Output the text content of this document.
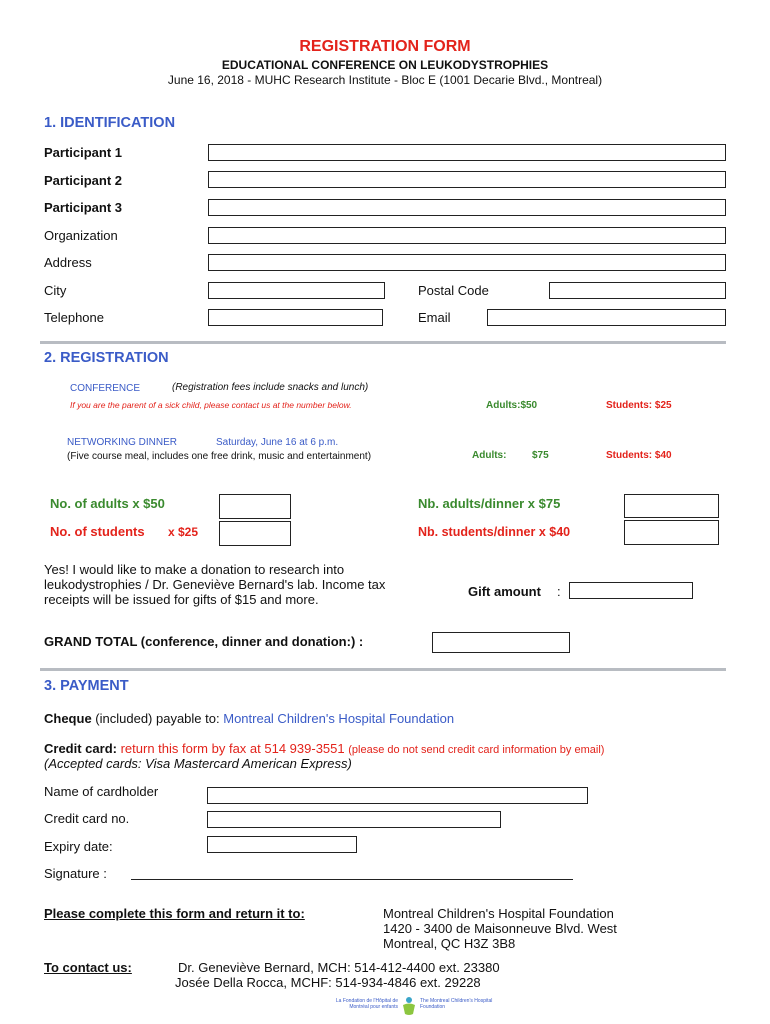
REGISTRATION FORM
EDUCATIONAL CONFERENCE ON LEUKODYSTROPHIES
June 16, 2018 - MUHC Research Institute - Bloc E (1001 Decarie Blvd., Montreal)
1. IDENTIFICATION
Participant 1
Participant 2
Participant 3
Organization
Address
City	Postal Code
Telephone	Email
2. REGISTRATION
CONFERENCE	(Registration fees include snacks and lunch)
If you are the parent of a sick child, please contact us at the number below.	Adults:$50	Students: $25
NETWORKING DINNER	Saturday, June 16 at 6 p.m.
(Five course meal, includes one free drink, music and entertainment)	Adults:	$75	Students: $40
No. of adults x $50	Nb. adults/dinner x $75
No. of students x $25	Nb. students/dinner x $40
Yes! I would like to make a donation to research into
leukodystrophies / Dr. Geneviève Bernard's lab. Income tax
receipts will be issued for gifts of $15 and more.
Gift amount :
GRAND TOTAL (conference, dinner and donation:) :
3. PAYMENT
Cheque (included) payable to: Montreal Children's Hospital Foundation
Credit card: return this form by fax at 514 939-3551 (please do not send credit card information by email)
(Accepted cards: Visa Mastercard American Express)
Name of cardholder
Credit card no.
Expiry date:
Signature :
Please complete this form and return it to:	Montreal Children's Hospital Foundation
1420 - 3400 de Maisonneuve Blvd. West
Montreal, QC H3Z 3B8
To contact us:	Dr. Geneviève Bernard, MCH: 514-412-4400 ext. 23380
Josée Della Rocca, MCHF: 514-934-4846 ext. 29228
La Fondation de l'Hôpital de Montréal pour enfants
The Montreal Children's Hospital Foundation
